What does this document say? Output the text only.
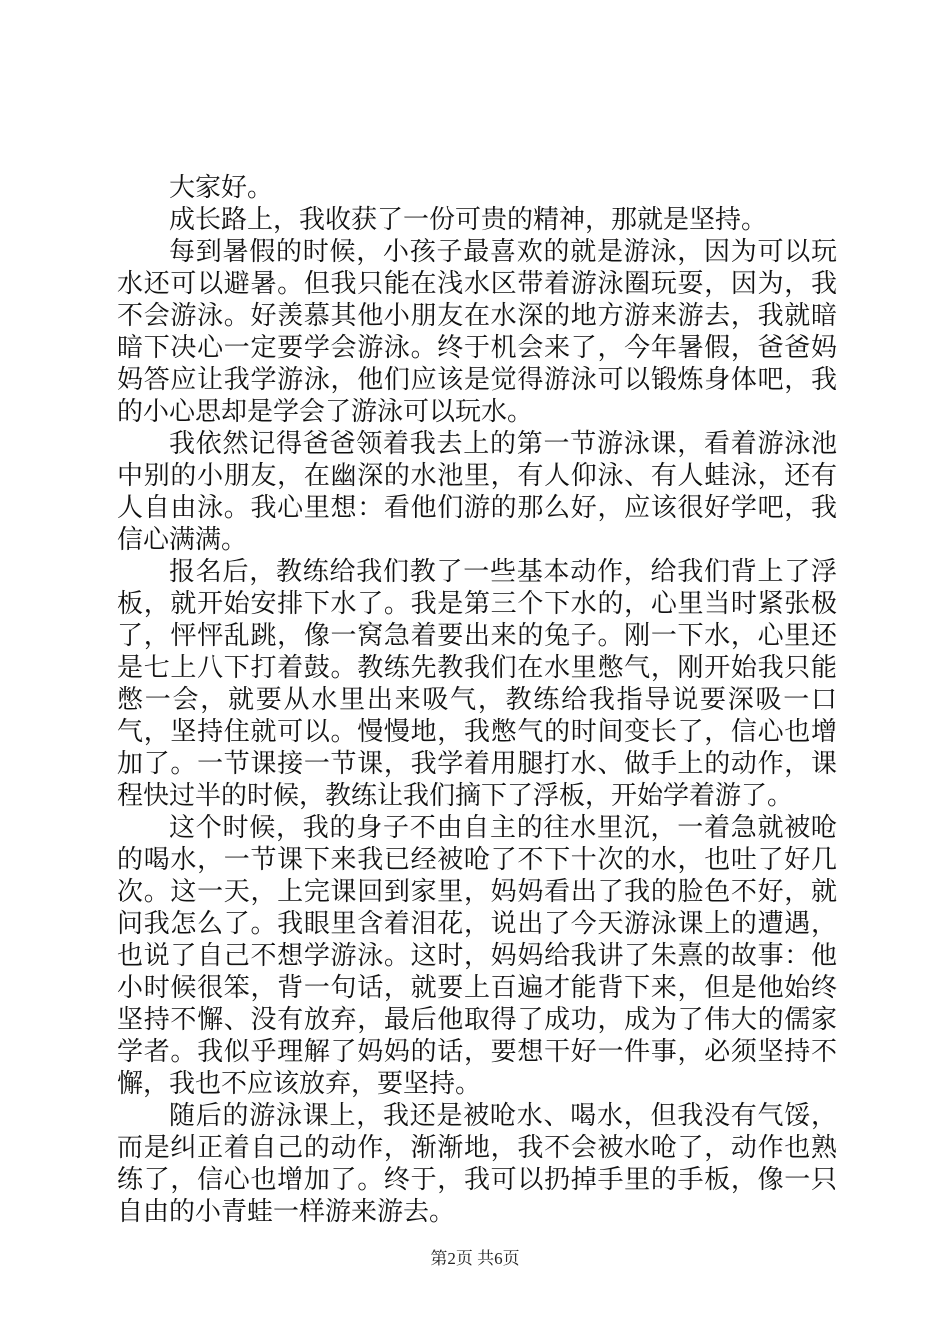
大家好。

成长路上，我收获了一份可贵的精神，那就是坚持。

每到暑假的时候，小孩子最喜欢的就是游泳，因为可以玩水还可以避暑。但我只能在浅水区带着游泳圈玩耍，因为，我不会游泳。好羡慕其他小朋友在水深的地方游来游去，我就暗暗下决心一定要学会游泳。终于机会来了，今年暑假，爸爸妈妈答应让我学游泳，他们应该是觉得游泳可以锻炼身体吧，我的小心思却是学会了游泳可以玩水。

我依然记得爸爸领着我去上的第一节游泳课，看着游泳池中别的小朋友，在幽深的水池里，有人仰泳、有人蛙泳，还有人自由泳。我心里想：看他们游的那么好，应该很好学吧，我信心满满。

报名后，教练给我们教了一些基本动作，给我们背上了浮板，就开始安排下水了。我是第三个下水的，心里当时紧张极了，怦怦乱跳，像一窝急着要出来的兔子。刚一下水，心里还是七上八下打着鼓。教练先教我们在水里憋气，刚开始我只能憋一会，就要从水里出来吸气，教练给我指导说要深吸一口气，坚持住就可以。慢慢地，我憋气的时间变长了，信心也增加了。一节课接一节课，我学着用腿打水、做手上的动作，课程快过半的时候，教练让我们摘下了浮板，开始学着游了。

这个时候，我的身子不由自主的往水里沉，一着急就被呛的喝水，一节课下来我已经被呛了不下十次的水，也吐了好几次。这一天，上完课回到家里，妈妈看出了我的脸色不好，就问我怎么了。我眼里含着泪花，说出了今天游泳课上的遭遇，也说了自己不想学游泳。这时，妈妈给我讲了朱熹的故事：他小时候很笨，背一句话，就要上百遍才能背下来，但是他始终坚持不懈、没有放弃，最后他取得了成功，成为了伟大的儒家学者。我似乎理解了妈妈的话，要想干好一件事，必须坚持不懈，我也不应该放弃，要坚持。

随后的游泳课上，我还是被呛水、喝水，但我没有气馁，而是纠正着自己的动作，渐渐地，我不会被水呛了，动作也熟练了，信心也增加了。终于，我可以扔掉手里的手板，像一只自由的小青蛙一样游来游去。

第2页 共6页
